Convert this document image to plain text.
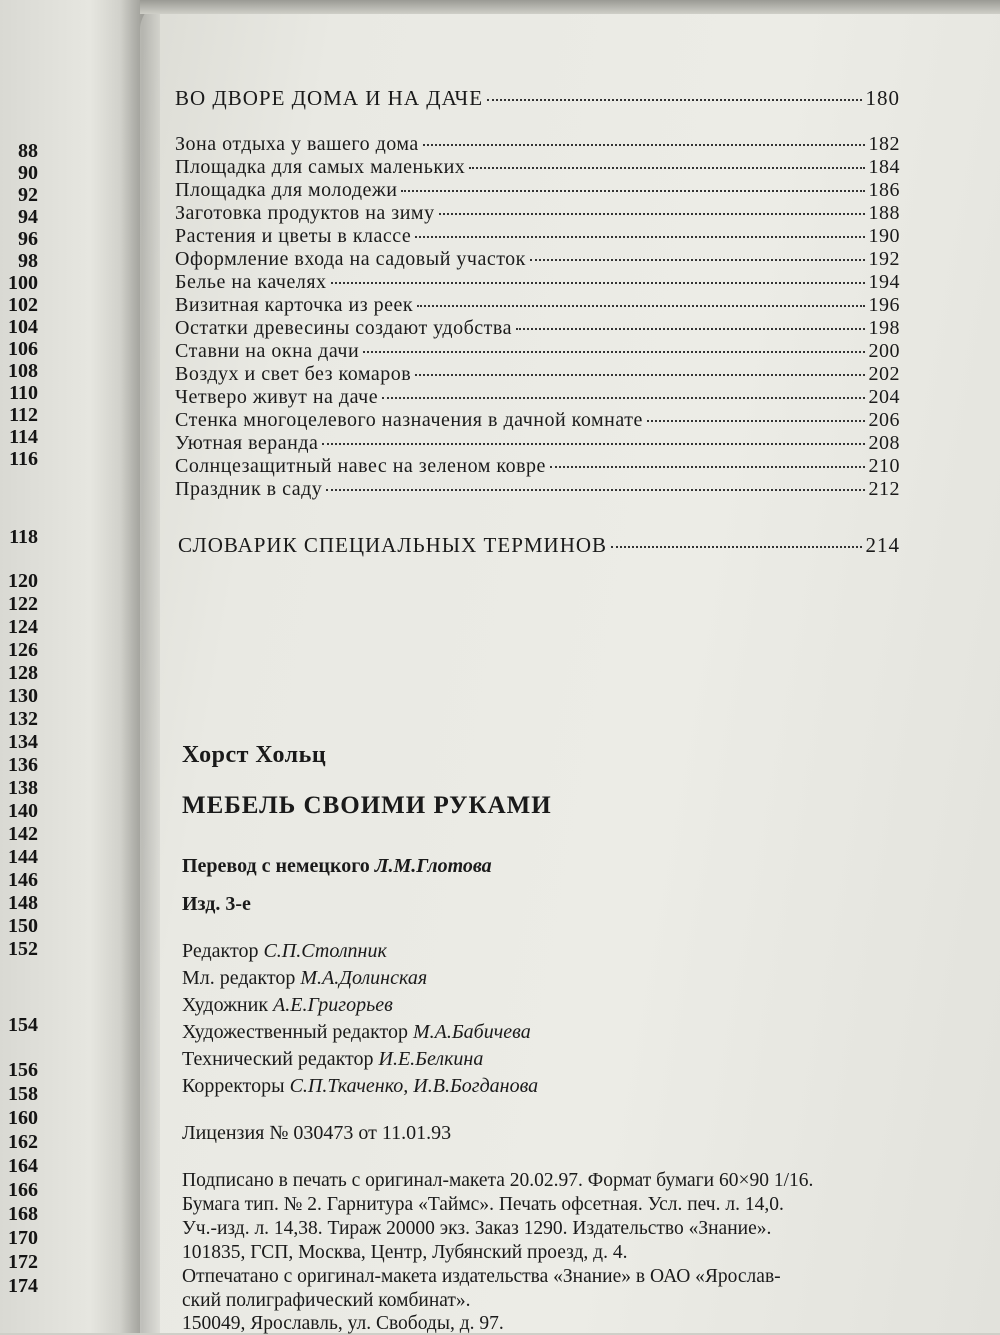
88
90
92
94
96
98
100
102
104
106
108
110
112
114
116
118
120
122
124
126
128
130
132
134
136
138
140
142
144
146
148
150
152
154
156
158
160
162
164
166
168
170
172
174
ВО ДВОРЕ ДОМА И НА ДАЧЕ	180
Зона отдыха у вашего дома	182
Площадка для самых маленьких	184
Площадка для молодежи	186
Заготовка продуктов на зиму	188
Растения и цветы в классе	190
Оформление входа на садовый участок	192
Белье на качелях	194
Визитная карточка из реек	196
Остатки древесины создают удобства	198
Ставни на окна дачи	200
Воздух и свет без комаров	202
Четверо живут на даче	204
Стенка многоцелевого назначения в дачной комнате	206
Уютная веранда	208
Солнцезащитный навес на зеленом ковре	210
Праздник в саду	212
СЛОВАРИК СПЕЦИАЛЬНЫХ ТЕРМИНОВ	214
Хорст Хольц
МЕБЕЛЬ СВОИМИ РУКАМИ
Перевод с немецкого Л.М.Глотова
Изд. 3-е
Редактор С.П.Столпник
Мл. редактор М.А.Долинская
Художник А.Е.Григорьев
Художественный редактор М.А.Бабичева
Технический редактор И.Е.Белкина
Корректоры С.П.Ткаченко, И.В.Богданова
Лицензия № 030473 от 11.01.93
Подписано в печать с оригинал-макета 20.02.97. Формат бумаги 60×90 1/16.
Бумага тип. № 2. Гарнитура «Таймс». Печать офсетная. Усл. печ. л. 14,0.
Уч.-изд. л. 14,38. Тираж 20000 экз. Заказ 1290. Издательство «Знание».
101835, ГСП, Москва, Центр, Лубянский проезд, д. 4.
Отпечатано с оригинал-макета издательства «Знание» в ОАО «Ярослав-
ский полиграфический комбинат».
150049, Ярославль, ул. Свободы, д. 97.
